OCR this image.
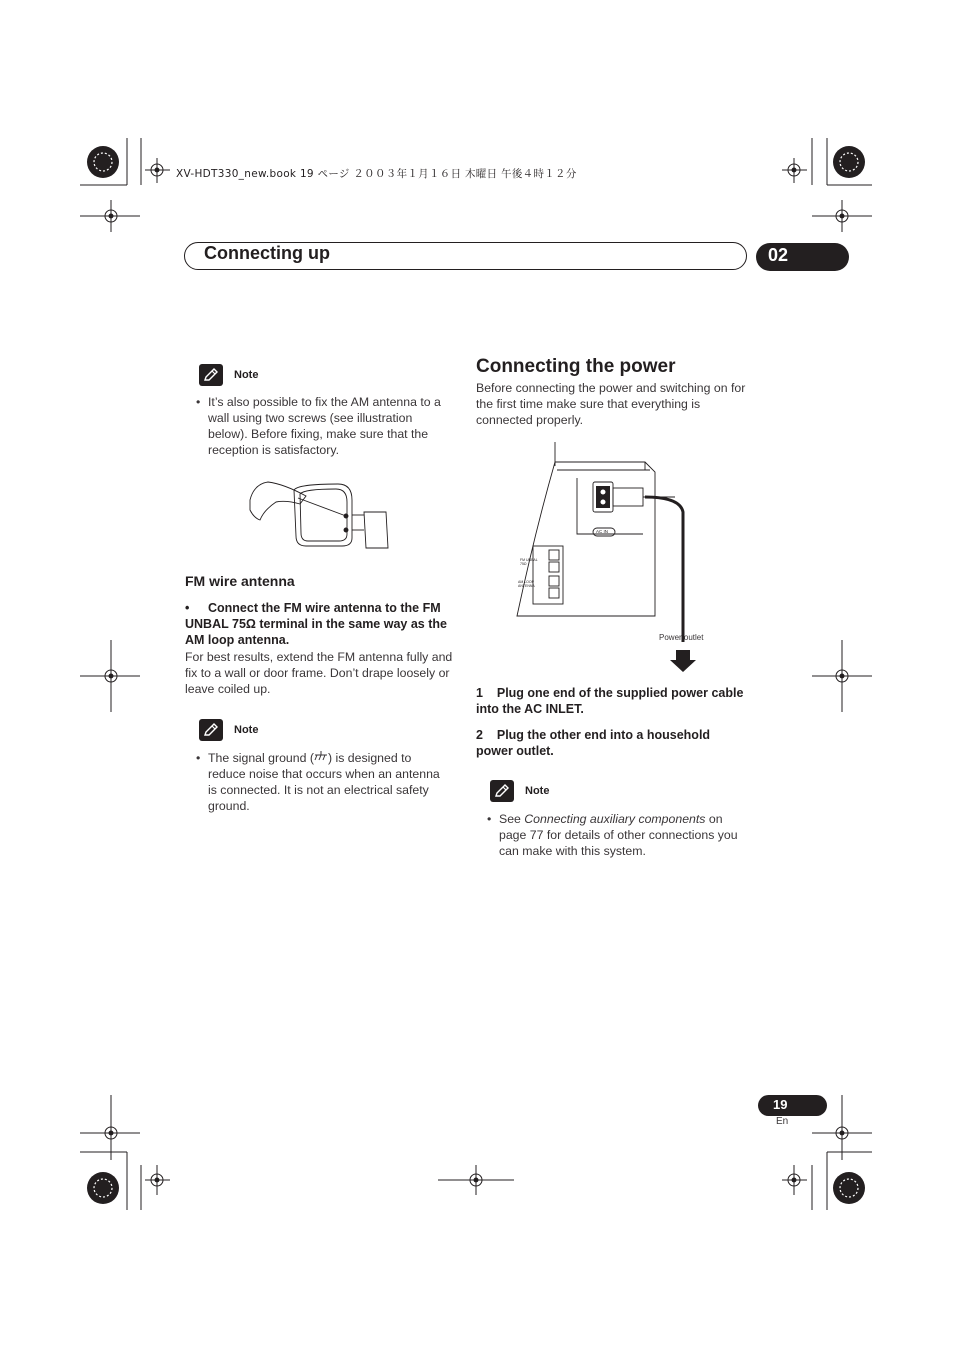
XV-HDT330_new.book 19 ページ ２００３年１月１６日 木曜日 午後４時１２分
Connecting up	02
Note
• It’s also possible to fix the AM antenna to a wall using two screws (see illustration below). Before fixing, make sure that the reception is satisfactory.
FM wire antenna
•	Connect the FM wire antenna to the FM UNBAL 75Ω terminal in the same way as the AM loop antenna.
For best results, extend the FM antenna fully and fix to a wall or door frame. Don’t drape loosely or leave coiled up.
Note
• The signal ground ( ) is designed to reduce noise that occurs when an antenna is connected. It is not an electrical safety ground.
Connecting the power
Before connecting the power and switching on for the first time make sure that everything is connected properly.
AC IN
FM UNBAL 75Ω
AM LOOP ANTENNA
Power outlet
1 Plug one end of the supplied power cable into the AC INLET.
2 Plug the other end into a household power outlet.
Note
• See Connecting auxiliary components on page 77 for details of other connections you can make with this system.
19
En
